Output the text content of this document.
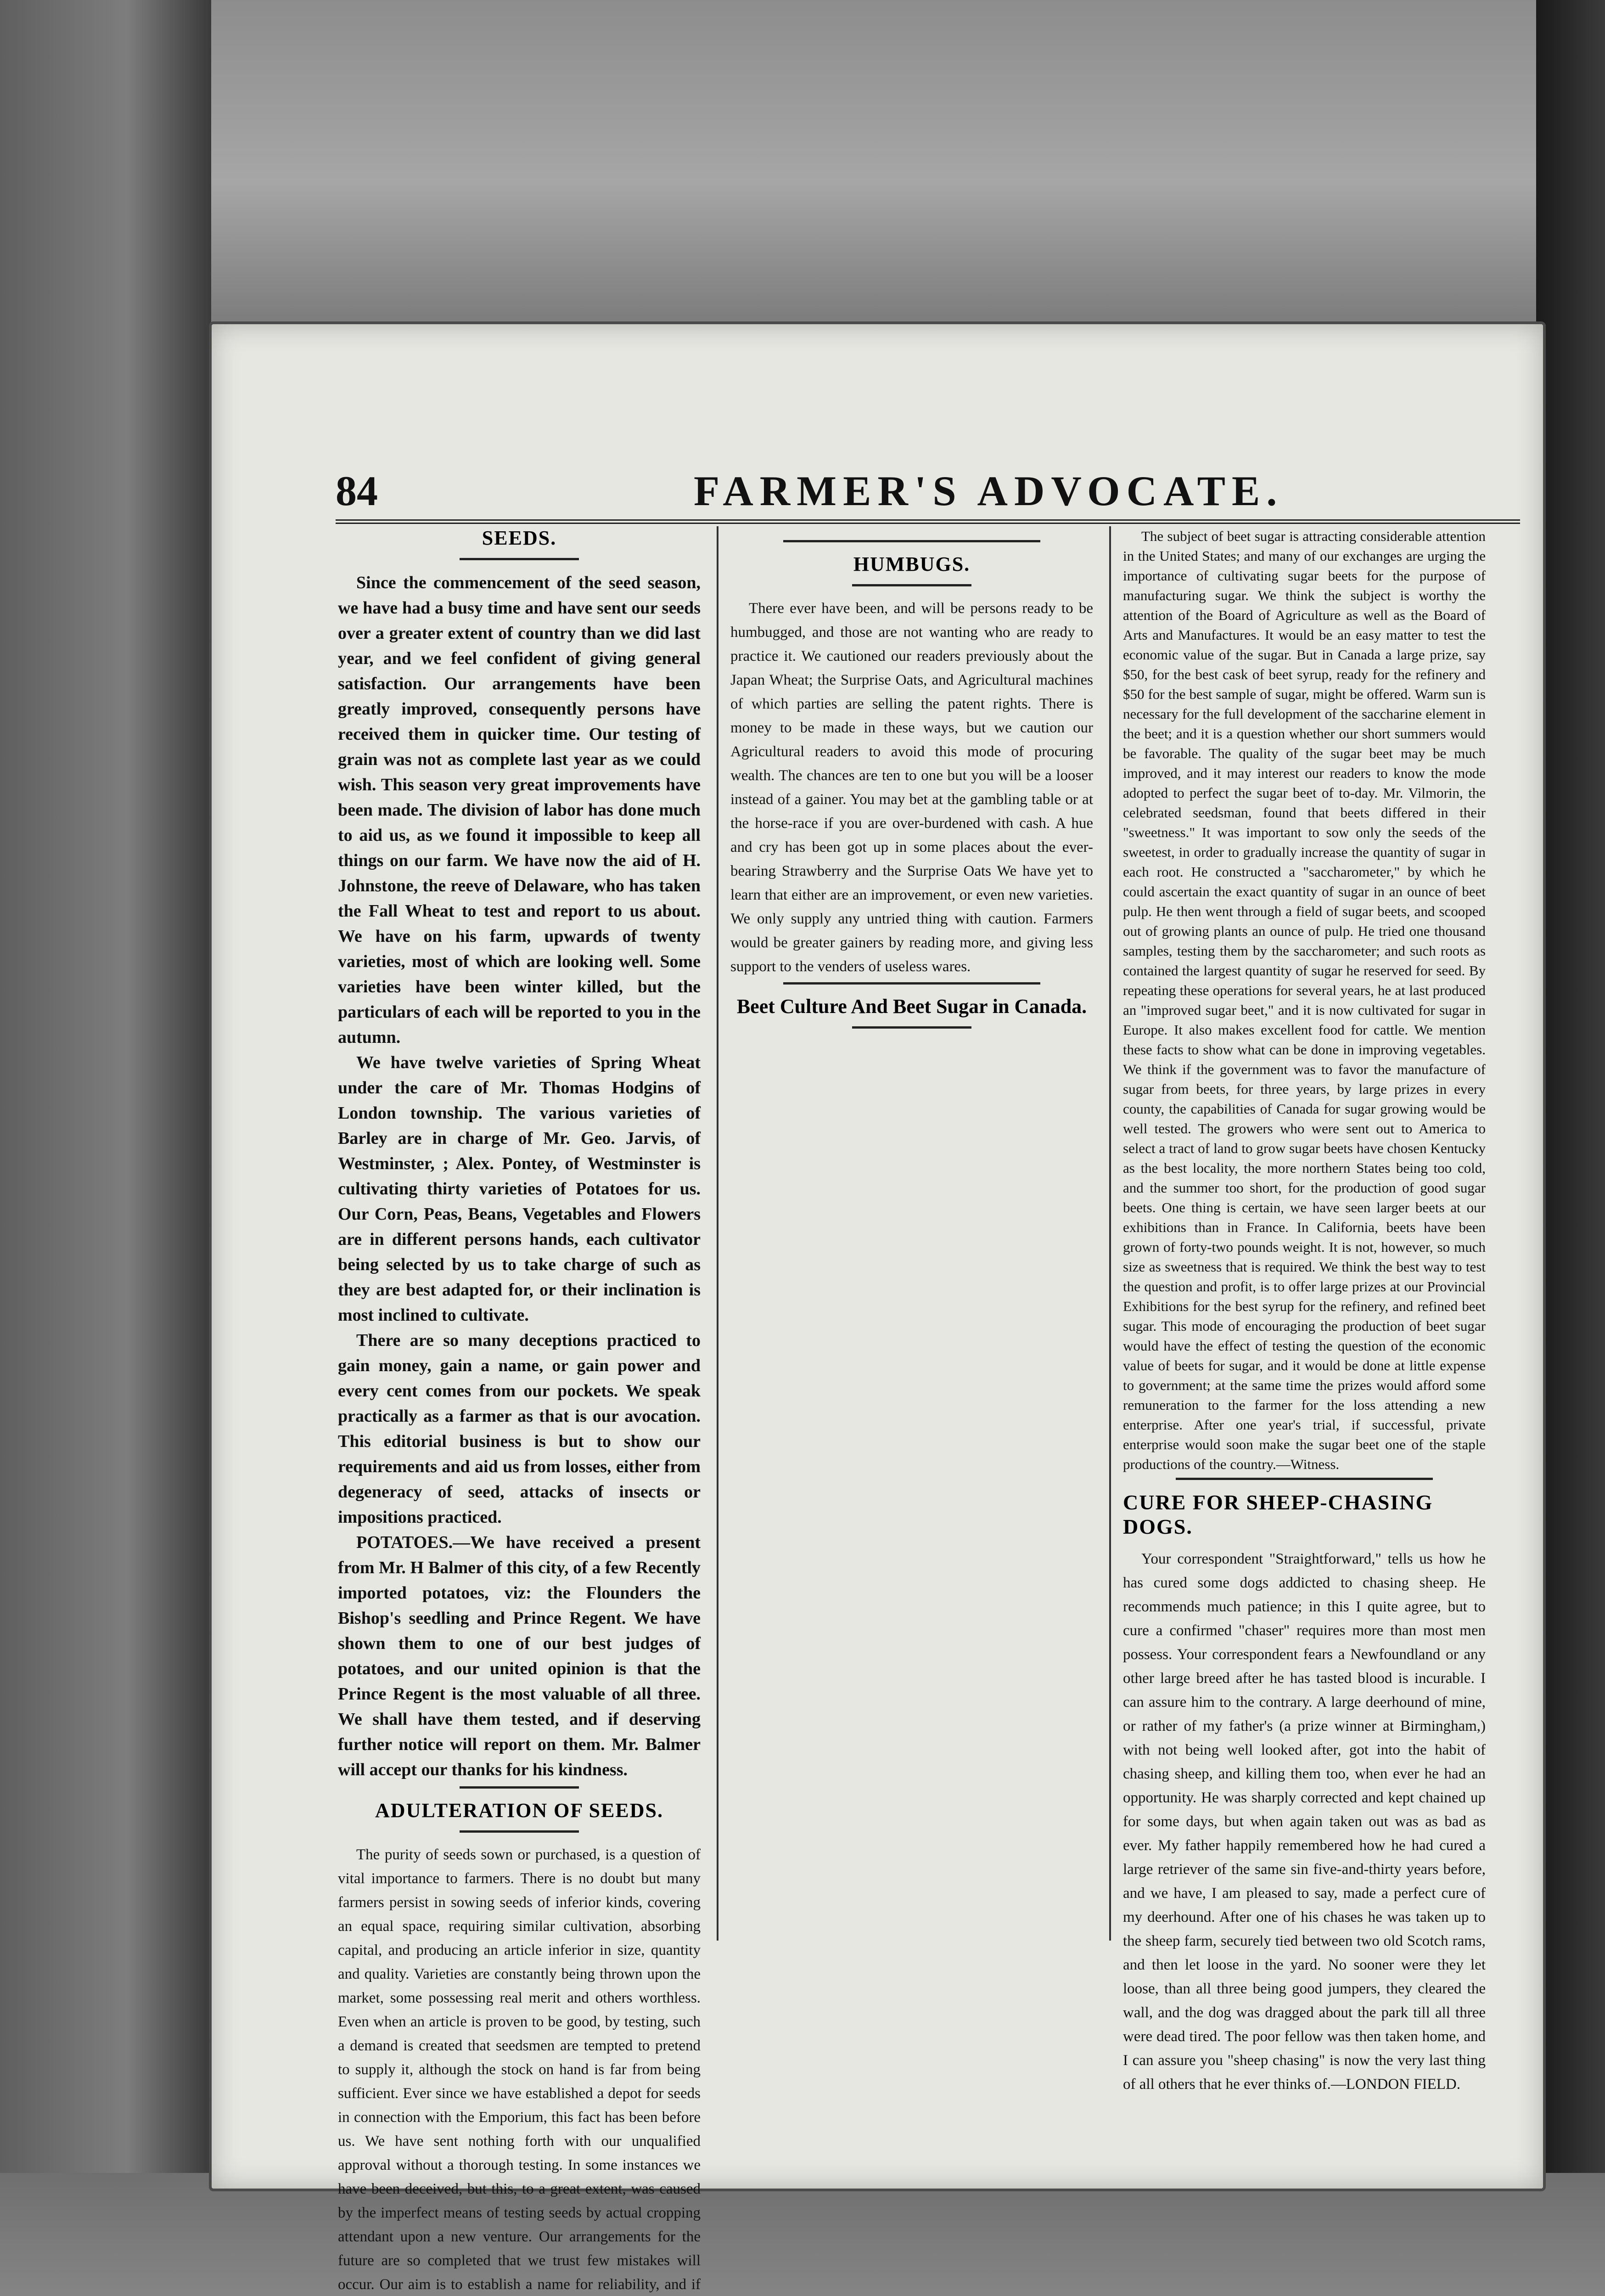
84	FARMER'S ADVOCATE.
SEEDS.

Since the commencement of the seed season, we have had a busy time and have sent our seeds over a greater extent of country than we did last year, and we feel confident of giving general satisfaction. Our arrangements have been greatly improved, consequently persons have received them in quicker time. Our testing of grain was not as complete last year as we could wish. This season very great improvements have been made. The division of labor has done much to aid us, as we found it impossible to keep all things on our farm. We have now the aid of H. Johnstone, the reeve of Delaware, who has taken the Fall Wheat to test and report to us about. We have on his farm, upwards of twenty varieties, most of which are looking well. Some varieties have been winter killed, but the particulars of each will be reported to you in the autumn.

We have twelve varieties of Spring Wheat under the care of Mr. Thomas Hodgins of London township. The various varieties of Barley are in charge of Mr. Geo. Jarvis, of Westminster, ; Alex. Pontey, of Westminster is cultivating thirty varieties of Potatoes for us. Our Corn, Peas, Beans, Vegetables and Flowers are in different persons hands, each cultivator being selected by us to take charge of such as they are best adapted for, or their inclination is most inclined to cultivate.

There are so many deceptions practiced to gain money, gain a name, or gain power and every cent comes from our pockets. We speak practically as a farmer as that is our avocation. This editorial business is but to show our requirements and aid us from losses, either from degeneracy of seed, attacks of insects or impositions practiced.

POTATOES.—We have received a present from Mr. H Balmer of this city, of a few Recently imported potatoes, viz: the Flounders the Bishop's seedling and Prince Regent. We have shown them to one of our best judges of potatoes, and our united opinion is that the Prince Regent is the most valuable of all three. We shall have them tested, and if deserving further notice will report on them. Mr. Balmer will accept our thanks for his kindness.

ADULTERATION OF SEEDS.

The purity of seeds sown or purchased, is a question of vital importance to farmers. There is no doubt but many farmers persist in sowing seeds of inferior kinds, covering an equal space, requiring similar cultivation, absorbing capital, and producing an article inferior in size, quantity and quality. Varieties are constantly being thrown upon the market, some possessing real merit and others worthless. Even when an article is proven to be good, by testing, such a demand is created that seedsmen are tempted to pretend to supply it, although the stock on hand is far from being sufficient. Ever since we have established a depot for seeds in connection with the Emporium, this fact has been before us. We have sent nothing forth with our unqualified approval without a thorough testing. In some instances we have been deceived, but this, to a great extent, was caused by the imperfect means of testing seeds by actual cropping attendant upon a new venture. Our arrangements for the future are so completed that we trust few mistakes will occur. Our aim is to establish a name for reliability, and if

HUMBUGS.

There ever have been, and will be persons ready to be humbugged, and those are not wanting who are ready to practice it. We cautioned our readers previously about the Japan Wheat; the Surprise Oats, and Agricultural machines of which parties are selling the patent rights. There is money to be made in these ways, but we caution our Agricultural readers to avoid this mode of procuring wealth. The chances are ten to one but you will be a looser instead of a gainer. You may bet at the gambling table or at the horse-race if you are over-burdened with cash. A hue and cry has been got up in some places about the ever-bearing Strawberry and the Surprise Oats We have yet to learn that either are an improvement, or even new varieties. We only supply any untried thing with caution. Farmers would be greater gainers by reading more, and giving less support to the venders of useless wares.

Beet Culture And Beet Sugar in Canada.

The subject of beet sugar is attracting considerable attention in the United States; and many of our exchanges are urging the importance of cultivating sugar beets for the purpose of manufacturing sugar. We think the subject is worthy the attention of the Board of Agriculture as well as the Board of Arts and Manufactures. It would be an easy matter to test the economic value of the sugar. But in Canada a large prize, say $50, for the best cask of beet syrup, ready for the refinery and $50 for the best sample of sugar, might be offered. Warm sun is necessary for the full development of the saccharine element in the beet; and it is a question whether our short summers would be favorable. The quality of the sugar beet may be much improved, and it may interest our readers to know the mode adopted to perfect the sugar beet of to-day. Mr. Vilmorin, the celebrated seedsman, found that beets differed in their "sweetness." It was important to sow only the seeds of the sweetest, in order to gradually increase the quantity of sugar in each root. He constructed a "saccharometer," by which he could ascertain the exact quantity of sugar in an ounce of beet pulp. He then went through a field of sugar beets, and scooped out of growing plants an ounce of pulp. He tried one thousand samples, testing them by the saccharometer; and such roots as contained the largest quantity of sugar he reserved for seed. By repeating these operations for several years, he at last produced an "improved sugar beet," and it is now cultivated for sugar in Europe. It also makes excellent food for cattle. We mention these facts to show what can be done in improving vegetables. We think if the government was to favor the manufacture of sugar from beets, for three years, by large prizes in every county, the capabilities of Canada for sugar growing would be well tested. The growers who were sent out to America to select a tract of land to grow sugar beets have chosen Kentucky as the best locality, the more northern States being too cold, and the summer too short, for the production of good sugar beets. One thing is certain, we have seen larger beets at our exhibitions than in France. In California, beets have been grown of forty-two pounds weight. It is not, however, so much size as sweetness that is required. We think the best way to test the question and profit, is to offer large prizes at our Provincial Exhibitions for the best syrup for the refinery, and refined beet sugar. This mode of encouraging the production of beet sugar would have the effect of testing the question of the economic value of beets for sugar, and it would be done at little expense to government; at the same time the prizes would afford some remuneration to the farmer for the loss attending a new enterprise. After one year's trial, if successful, private enterprise would soon make the sugar beet one of the staple productions of the country.—Witness.

CURE FOR SHEEP-CHASING DOGS.

Your correspondent "Straightforward," tells us how he has cured some dogs addicted to chasing sheep. He recommends much patience; in this I quite agree, but to cure a confirmed "chaser" requires more than most men possess. Your correspondent fears a Newfoundland or any other large breed after he has tasted blood is incurable. I can assure him to the contrary. A large deerhound of mine, or rather of my father's (a prize winner at Birmingham,) with not being well looked after, got into the habit of chasing sheep, and killing them too, when ever he had an opportunity. He was sharply corrected and kept chained up for some days, but when again taken out was as bad as ever. My father happily remembered how he had cured a large retriever of the same sin five-and-thirty years before, and we have, I am pleased to say, made a perfect cure of my deerhound. After one of his chases he was taken up to the sheep farm, securely tied between two old Scotch rams, and then let loose in the yard. No sooner were they let loose, than all three being good jumpers, they cleared the wall, and the dog was dragged about the park till all three were dead tired. The poor fellow was then taken home, and I can assure you "sheep chasing" is now the very last thing of all others that he ever thinks of.—LONDON FIELD.
